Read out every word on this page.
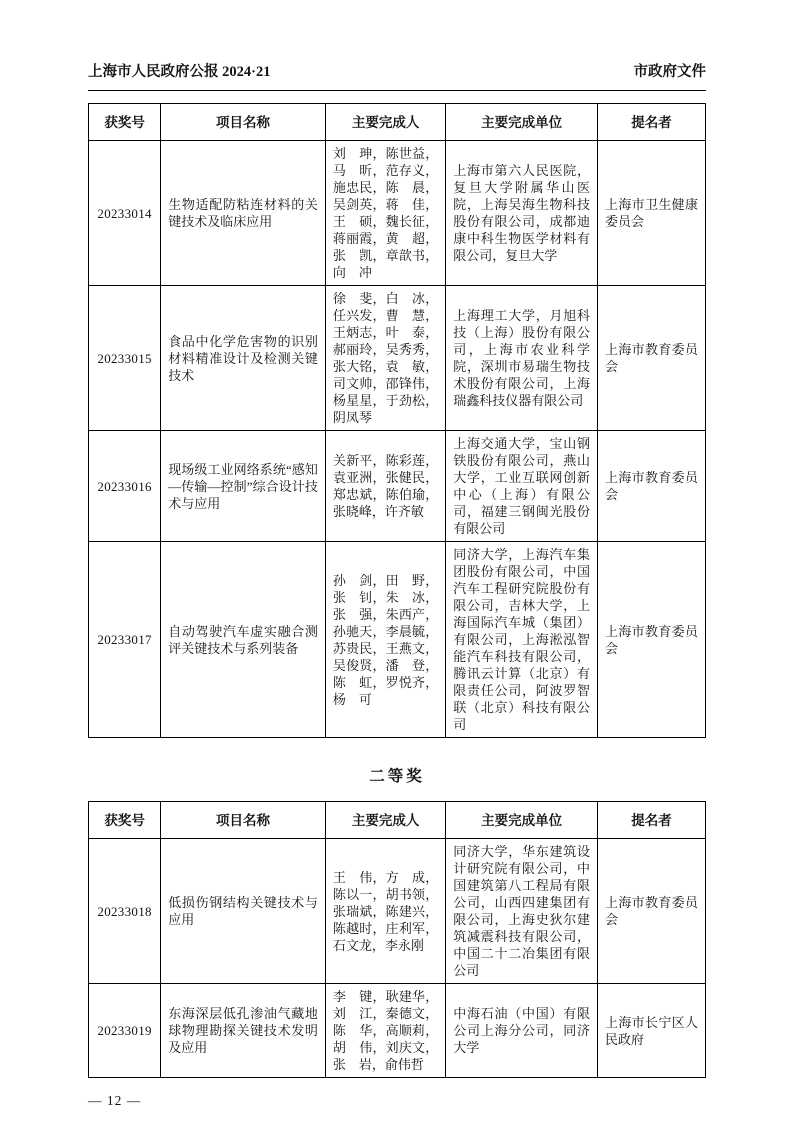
上海市人民政府公报 2024·21	市政府文件
获奖号	项目名称	主要完成人	主要完成单位	提名者
20233014	生物适配防粘连材料的关键技术及临床应用	刘　珅，陈世益，马　昕，范存义，施忠民，陈　晨，吴剑英，蒋　佳，王　硕，魏长征，蒋丽霞，黄　超，张　凯，章歆书，向　冲	上海市第六人民医院，复旦大学附属华山医院，上海吴海生物科技股份有限公司，成都迪康中科生物医学材料有限公司，复旦大学	上海市卫生健康委员会
20233015	食品中化学危害物的识别材料精准设计及检测关键技术	徐　斐，白　冰，任兴发，曹　慧，王炳志，叶　泰，郝丽玲，吴秀秀，张大铭，袁　敏，司文帅，邵锋伟，杨星星，于劲松，阴凤琴	上海理工大学，月旭科技（上海）股份有限公司，上海市农业科学院，深圳市易瑞生物技术股份有限公司，上海瑞鑫科技仪器有限公司	上海市教育委员会
20233016	现场级工业网络系统“感知—传输—控制”综合设计技术与应用	关新平，陈彩莲，袁亚洲，张健民，郑忠斌，陈伯瑜，张晓峰，许齐敏	上海交通大学，宝山钢铁股份有限公司，燕山大学，工业互联网创新中心（上海）有限公司，福建三钢闽光股份有限公司	上海市教育委员会
20233017	自动驾驶汽车虚实融合测评关键技术与系列装备	孙　剑，田　野，张　钊，朱　冰，张　强，朱西产，孙驰天，李晨毓，苏贵民，王燕文，吴俊贤，潘　登，陈　虹，罗悦齐，杨　可	同济大学，上海汽车集团股份有限公司，中国汽车工程研究院股份有限公司，吉林大学，上海国际汽车城（集团）有限公司，上海淞泓智能汽车科技有限公司，腾讯云计算（北京）有限责任公司，阿波罗智联（北京）科技有限公司	上海市教育委员会
二等奖
获奖号	项目名称	主要完成人	主要完成单位	提名者
20233018	低损伤钢结构关键技术与应用	王　伟，方　成，陈以一，胡书领，张瑞斌，陈建兴，陈越时，庄利军，石文龙，李永刚	同济大学，华东建筑设计研究院有限公司，中国建筑第八工程局有限公司，山西四建集团有限公司，上海史狄尔建筑减震科技有限公司，中国二十二冶集团有限公司	上海市教育委员会
20233019	东海深层低孔渗油气藏地球物理勘探关键技术发明及应用	李　键，耿建华，刘　江，秦德文，陈　华，高顺莉，胡　伟，刘庆文，张　岩，俞伟哲	中海石油（中国）有限公司上海分公司，同济大学	上海市长宁区人民政府
— 12 —
